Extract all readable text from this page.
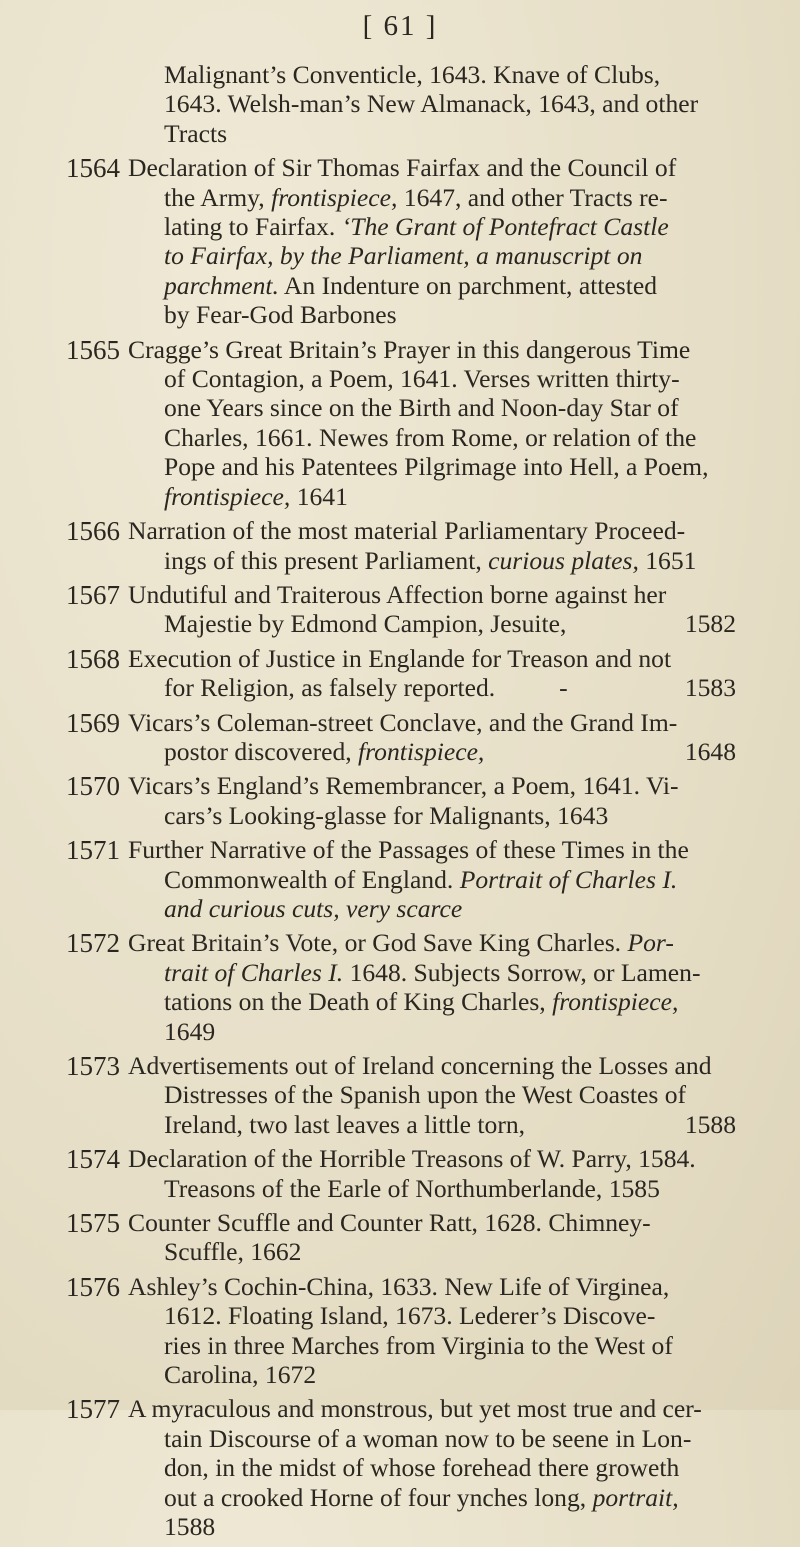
[ 61 ]
Malignant’s Conventicle, 1643. Knave of Clubs,
1643. Welsh-man’s New Almanack, 1643, and other
Tracts
1564 Declaration of Sir Thomas Fairfax and the Council of
the Army, frontispiece, 1647, and other Tracts re-
lating to Fairfax. ‘The Grant of Pontefract Castle
to Fairfax, by the Parliament, a manuscript on
parchment. An Indenture on parchment, attested
by Fear-God Barbones
1565 Cragge’s Great Britain’s Prayer in this dangerous Time
of Contagion, a Poem, 1641. Verses written thirty-
one Years since on the Birth and Noon-day Star of
Charles, 1661. Newes from Rome, or relation of the
Pope and his Patentees Pilgrimage into Hell, a Poem,
frontispiece, 1641
1566 Narration of the most material Parliamentary Proceed-
ings of this present Parliament, curious plates, 1651
1567 Undutiful and Traiterous Affection borne against her
Majestie by Edmond Campion, Jesuite,	1582
1568 Execution of Justice in Englande for Treason and not
for Religion, as falsely reported.          -	1583
1569 Vicars’s Coleman-street Conclave, and the Grand Im-
postor discovered, frontispiece,	1648
1570 Vicars’s England’s Remembrancer, a Poem, 1641. Vi-
cars’s Looking-glasse for Malignants, 1643
1571 Further Narrative of the Passages of these Times in the
Commonwealth of England. Portrait of Charles I.
and curious cuts, very scarce
1572 Great Britain’s Vote, or God Save King Charles. Por-
trait of Charles I. 1648. Subjects Sorrow, or Lamen-
tations on the Death of King Charles, frontispiece,
1649
1573 Advertisements out of Ireland concerning the Losses and
Distresses of the Spanish upon the West Coastes of
Ireland, two last leaves a little torn,	1588
1574 Declaration of the Horrible Treasons of W. Parry, 1584.
Treasons of the Earle of Northumberlande, 1585
1575 Counter Scuffle and Counter Ratt, 1628. Chimney-
Scuffle, 1662
1576 Ashley’s Cochin-China, 1633. New Life of Virginea,
1612. Floating Island, 1673. Lederer’s Discove-
ries in three Marches from Virginia to the West of
Carolina, 1672
1577 A myraculous and monstrous, but yet most true and cer-
tain Discourse of a woman now to be seene in Lon-
don, in the midst of whose forehead there groweth
out a crooked Horne of four ynches long, portrait,
1588
